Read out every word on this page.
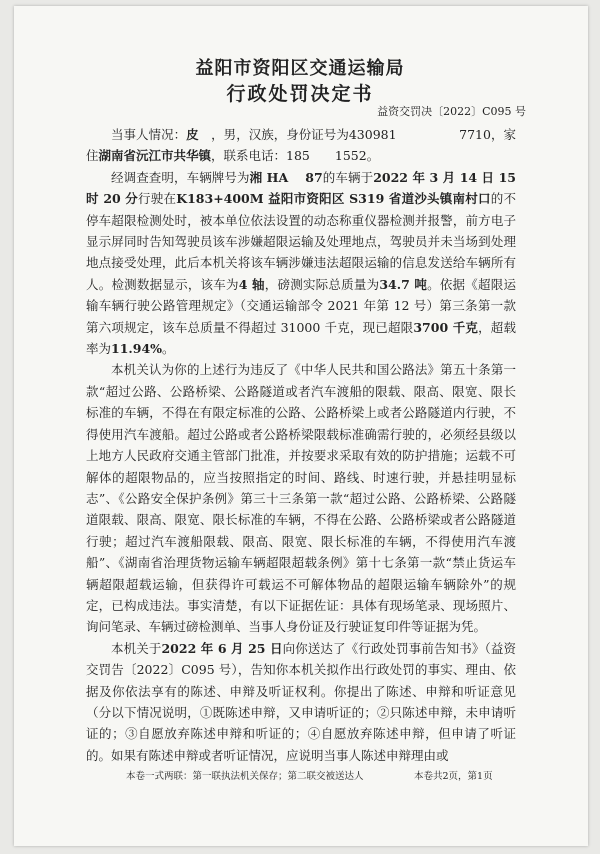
益阳市资阳区交通运输局
行政处罚决定书
益资交罚决〔2022〕C095 号

当事人情况：皮　，男，汉族，身份证号为430981　　　　　7710，家住湖南省沅江市共华镇，联系电话：185　　1552。

经调查查明，车辆牌号为湘 HA　 87的车辆于2022 年 3 月 14 日 15 时 20 分行驶在K183+400M 益阳市资阳区 S319 省道沙头镇南村口的不停车超限检测处时，被本单位依法设置的动态称重仪器检测并报警，前方电子显示屏同时告知驾驶员该车涉嫌超限运输及处理地点，驾驶员并未当场到处理地点接受处理，此后本机关将该车辆涉嫌违法超限运输的信息发送给车辆所有人。检测数据显示，该车为4 轴，磅测实际总质量为34.7 吨。依据《超限运输车辆行驶公路管理规定》（交通运输部令 2021 年第 12 号）第三条第一款第六项规定，该车总质量不得超过 31000 千克，现已超限3700 千克，超载率为11.94%。

本机关认为你的上述行为违反了《中华人民共和国公路法》第五十条第一款“超过公路、公路桥梁、公路隧道或者汽车渡船的限载、限高、限宽、限长标准的车辆，不得在有限定标准的公路、公路桥梁上或者公路隧道内行驶，不得使用汽车渡船。超过公路或者公路桥梁限载标准确需行驶的，必须经县级以上地方人民政府交通主管部门批准，并按要求采取有效的防护措施；运载不可解体的超限物品的，应当按照指定的时间、路线、时速行驶，并悬挂明显标志”、《公路安全保护条例》第三十三条第一款“超过公路、公路桥梁、公路隧道限载、限高、限宽、限长标准的车辆，不得在公路、公路桥梁或者公路隧道行驶；超过汽车渡船限载、限高、限宽、限长标准的车辆，不得使用汽车渡船”、《湖南省治理货物运输车辆超限超载条例》第十七条第一款“禁止货运车辆超限超载运输，但获得许可载运不可解体物品的超限运输车辆除外”的规定，已构成违法。事实清楚，有以下证据佐证：具体有现场笔录、现场照片、询问笔录、车辆过磅检测单、当事人身份证及行驶证复印件等证据为凭。

本机关于2022 年 6 月 25 日向你送达了《行政处罚事前告知书》（益资交罚告〔2022〕C095 号），告知你本机关拟作出行政处罚的事实、理由、依据及你依法享有的陈述、申辩及听证权利。你提出了陈述、申辩和听证意见（分以下情况说明，①既陈述申辩，又申请听证的；②只陈述申辩，未申请听证的；③自愿放弃陈述申辩和听证的；④自愿放弃陈述申辩，但申请了听证的。如果有陈述申辩或者听证情况，应说明当事人陈述申辩理由或

本卷一式两联：第一联执法机关保存；第二联交被送达人	本卷共2页，第1页
